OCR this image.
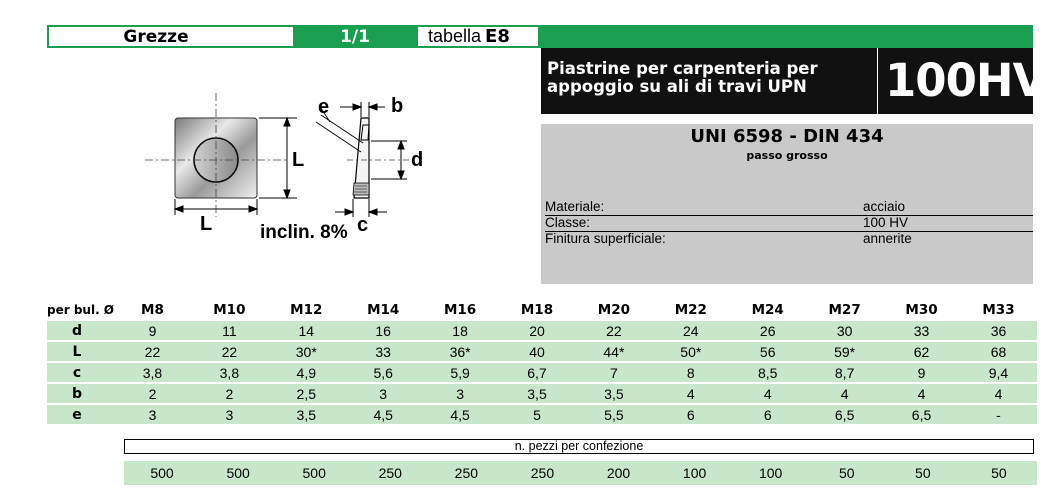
Grezze	1/1	tabella E8
Piastrine per carpenteria per
appoggio su ali di travi UPN	100HV
UNI 6598 - DIN 434
passo grosso
Materiale:	acciaio
Classe:	100 HV
Finitura superficiale:	annerite
L
L
b
e
d
c
inclin. 8%
per bul. Ø	M8	M10	M12	M14	M16	M18	M20	M22	M24	M27	M30	M33
d	9	11	14	16	18	20	22	24	26	30	33	36
L	22	22	30*	33	36*	40	44*	50*	56	59*	62	68
c	3,8	3,8	4,9	5,6	5,9	6,7	7	8	8,5	8,7	9	9,4
b	2	2	2,5	3	3	3,5	3,5	4	4	4	4	4
e	3	3	3,5	4,5	4,5	5	5,5	6	6	6,5	6,5	-
n. pezzi per confezione
500	500	500	250	250	250	200	100	100	50	50	50
